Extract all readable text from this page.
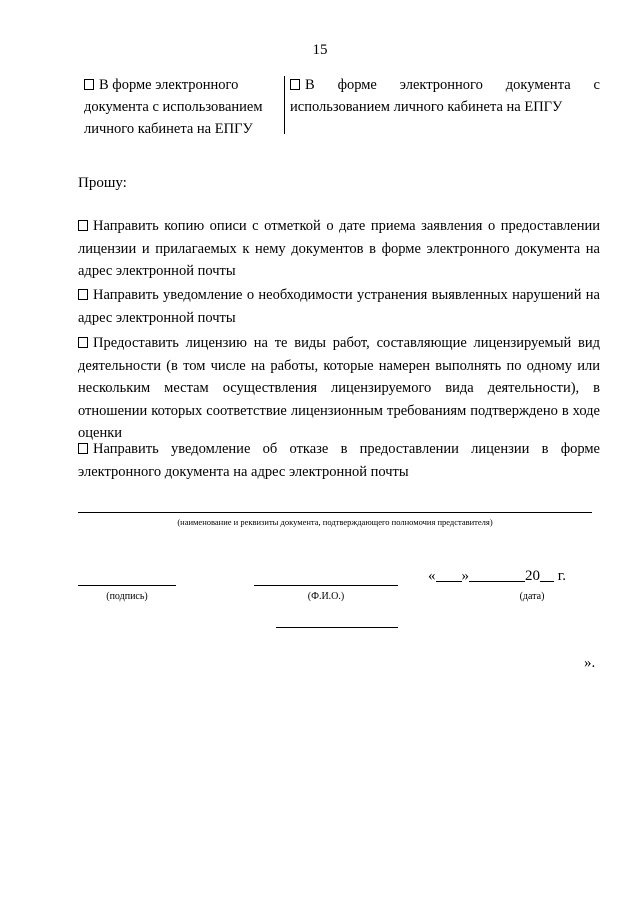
15
В форме электронного документа с использованием личного кабинета на ЕПГУ
В форме электронного документа с использованием личного кабинета на ЕПГУ
Прошу:
Направить копию описи с отметкой о дате приема заявления о предоставлении лицензии и прилагаемых к нему документов в форме электронного документа на адрес электронной почты
Направить уведомление о необходимости устранения выявленных нарушений на адрес электронной почты
Предоставить лицензию на те виды работ, составляющие лицензируемый вид деятельности (в том числе на работы, которые намерен выполнять по одному или нескольким местам осуществления лицензируемого вида деятельности), в отношении которых соответствие лицензионным требованиям подтверждено в ходе оценки
Направить уведомление об отказе в предоставлении лицензии в форме электронного документа на адрес электронной почты
(наименование и реквизиты документа, подтверждающего полномочия представителя)
(подпись)	(Ф.И.О.)
« »	20 г.
(дата)
».
